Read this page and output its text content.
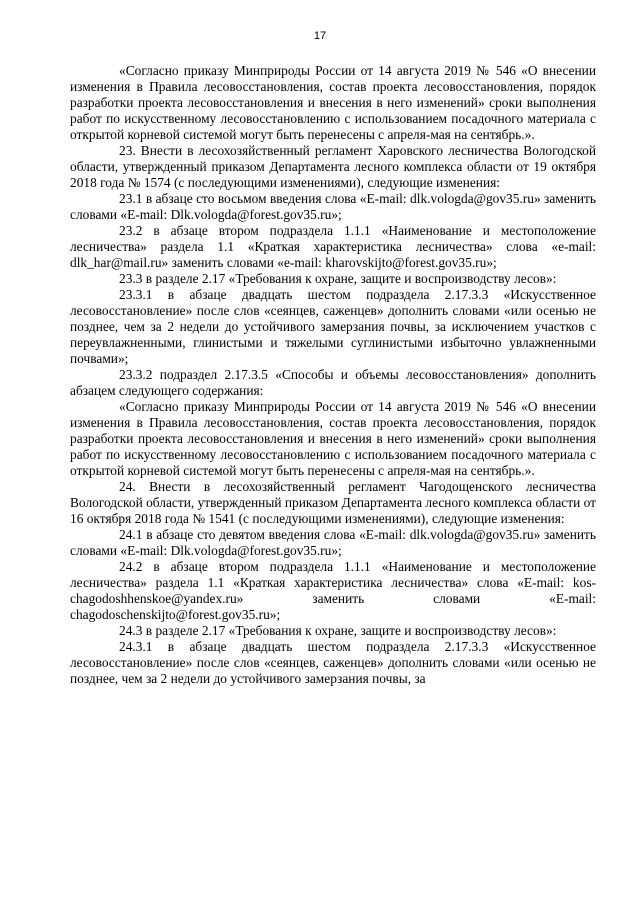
17

«Согласно приказу Минприроды России от 14 августа 2019 № 546 «О внесении изменения в Правила лесовосстановления, состав проекта лесовосстановления, порядок разработки проекта лесовосстановления и внесения в него изменений» сроки выполнения работ по искусственному лесовосстановлению с использованием посадочного материала с открытой корневой системой могут быть перенесены с апреля-мая на сентябрь.».

23. Внести в лесохозяйственный регламент Харовского лесничества Вологодской области, утвержденный приказом Департамента лесного комплекса области от 19 октября 2018 года № 1574 (с последующими изменениями), следующие изменения:

23.1 в абзаце сто восьмом введения слова «E-mail: dlk.vologda@gov35.ru» заменить словами «E-mail: Dlk.vologda@forest.gov35.ru»;

23.2 в абзаце втором подраздела 1.1.1 «Наименование и местоположение лесничества» раздела 1.1 «Краткая характеристика лесничества» слова «e-mail: dlk_har@mail.ru» заменить словами «e-mail: kharovskijto@forest.gov35.ru»;

23.3 в разделе 2.17 «Требования к охране, защите и воспроизводству лесов»:

23.3.1 в абзаце двадцать шестом подраздела 2.17.3.3 «Искусственное лесовосстановление» после слов «сеянцев, саженцев» дополнить словами «или осенью не позднее, чем за 2 недели до устойчивого замерзания почвы, за исключением участков с переувлажненными, глинистыми и тяжелыми суглинистыми избыточно увлажненными почвами»;

23.3.2 подраздел 2.17.3.5 «Способы и объемы лесовосстановления» дополнить абзацем следующего содержания:

«Согласно приказу Минприроды России от 14 августа 2019 № 546 «О внесении изменения в Правила лесовосстановления, состав проекта лесовосстановления, порядок разработки проекта лесовосстановления и внесения в него изменений» сроки выполнения работ по искусственному лесовосстановлению с использованием посадочного материала с открытой корневой системой могут быть перенесены с апреля-мая на сентябрь.».

24. Внести в лесохозяйственный регламент Чагодощенского лесничества Вологодской области, утвержденный приказом Департамента лесного комплекса области от 16 октября 2018 года № 1541 (с последующими изменениями), следующие изменения:

24.1 в абзаце сто девятом введения слова «E-mail: dlk.vologda@gov35.ru» заменить словами «E-mail: Dlk.vologda@forest.gov35.ru»;

24.2 в абзаце втором подраздела 1.1.1 «Наименование и местоположение лесничества» раздела 1.1 «Краткая характеристика лесничества» слова «E-mail: kos-chagodoshhenskoe@yandex.ru» заменить словами «E-mail: chagodoschenskijto@forest.gov35.ru»;

24.3 в разделе 2.17 «Требования к охране, защите и воспроизводству лесов»:

24.3.1 в абзаце двадцать шестом подраздела 2.17.3.3 «Искусственное лесовосстановление» после слов «сеянцев, саженцев» дополнить словами «или осенью не позднее, чем за 2 недели до устойчивого замерзания почвы, за
